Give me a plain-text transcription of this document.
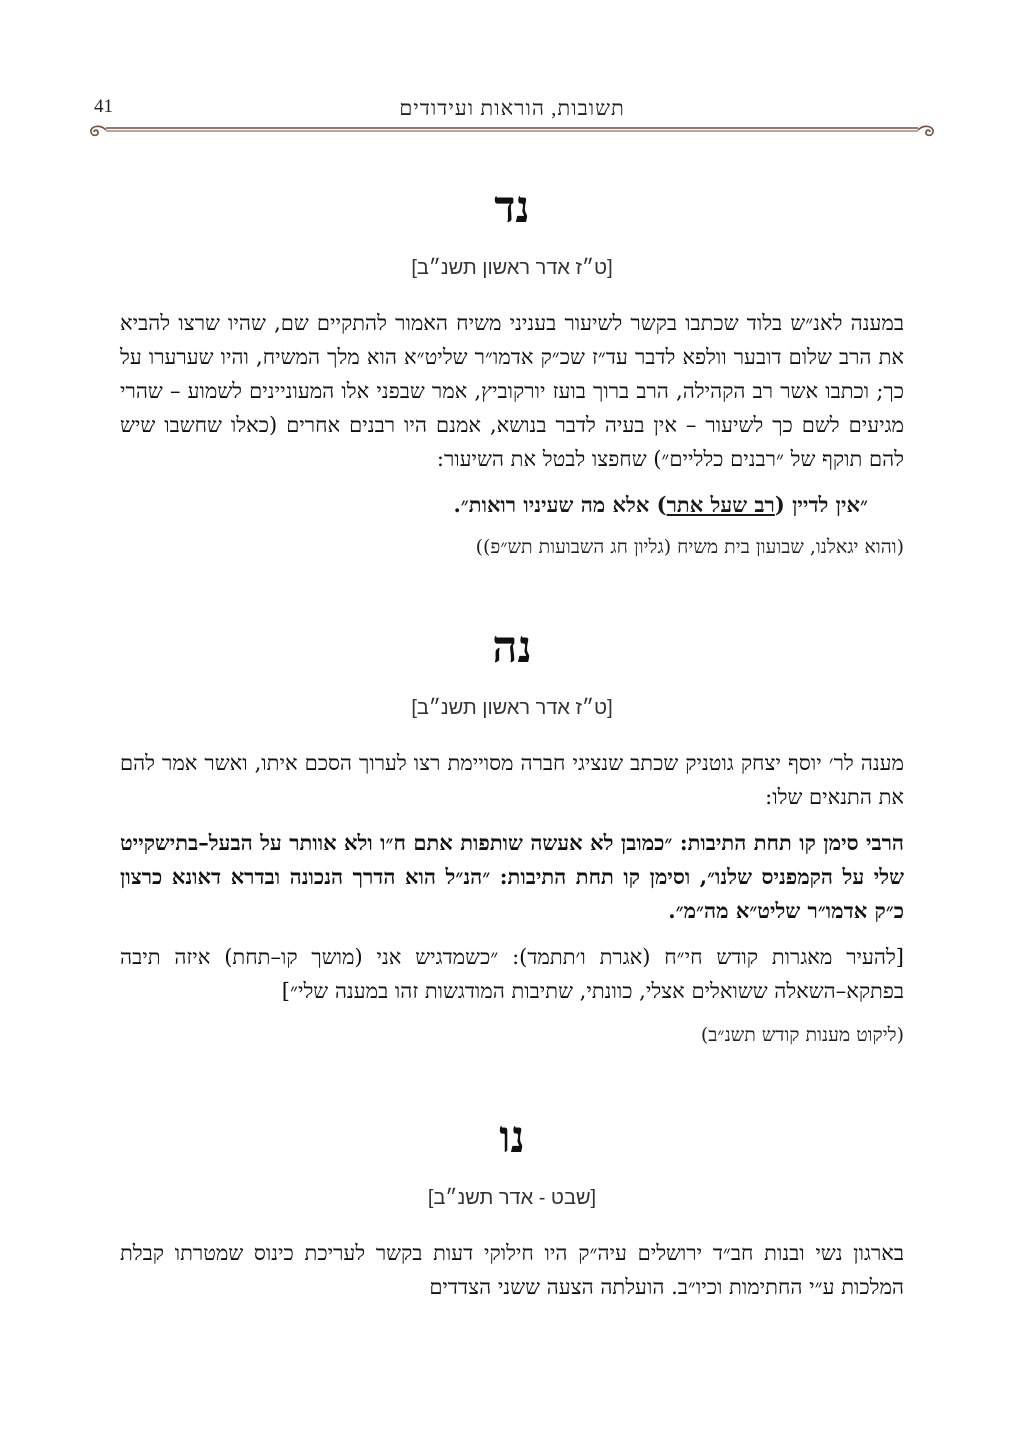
41	תשובות, הוראות ועידודים
נד
[ט״ז אדר ראשון תשנ״ב]

במענה לאנ״ש בלוד שכתבו בקשר לשיעור בעניני משיח האמור להתקיים שם, שהיו שרצו להביא את הרב שלום דובער וולפא לדבר עד״ז שכ״ק אדמו״ר שליט״א הוא מלך המשיח, והיו שערערו על כך; וכתבו אשר רב הקהילה, הרב ברוך בועז יורקוביץ, אמר שבפני אלו המעוניינים לשמוע – שהרי מגיעים לשם כך לשיעור – אין בעיה לדבר בנושא, אמנם היו רבנים אחרים (כאלו שחשבו שיש להם תוקף של ״רבנים כלליים״) שחפצו לבטל את השיעור:

״אין לדיין (רב שעל אתר) אלא מה שעיניו רואות״.

(והוא יגאלנו, שבועון בית משיח (גליון חג השבועות תש״פ))

נה
[ט״ז אדר ראשון תשנ״ב]

מענה לר׳ יוסף יצחק גוטניק שכתב שנציגי חברה מסויימת רצו לערוך הסכם איתו, ואשר אמר להם את התנאים שלו:

הרבי סימן קו תחת התיבות: ״כמובן לא אעשה שותפות אתם ח״ו ולא אוותר על הבעל–בתישקייט שלי על הקמפניס שלנו״, וסימן קו תחת התיבות: ״הנ״ל הוא הדרך הנכונה ובדרא דאונא כרצון כ״ק אדמו״ר שליט״א מה״מ״.

[להעיר מאגרות קודש חי״ח (אגרת ו׳תתמד): ״כשמדגיש אני (מושך קו–תחת) איזה תיבה בפתקא–השאלה ששואלים אצלי, כוונתי, שתיבות המודגשות זהו במענה שלי״]

(ליקוט מענות קודש תשנ״ב)

נו
[שבט - אדר תשנ״ב]

בארגון נשי ובנות חב״ד ירושלים עיה״ק היו חילוקי דעות בקשר לעריכת כינוס שמטרתו קבלת המלכות ע״י החתימות וכיו״ב. הועלתה הצעה ששני הצדדים
